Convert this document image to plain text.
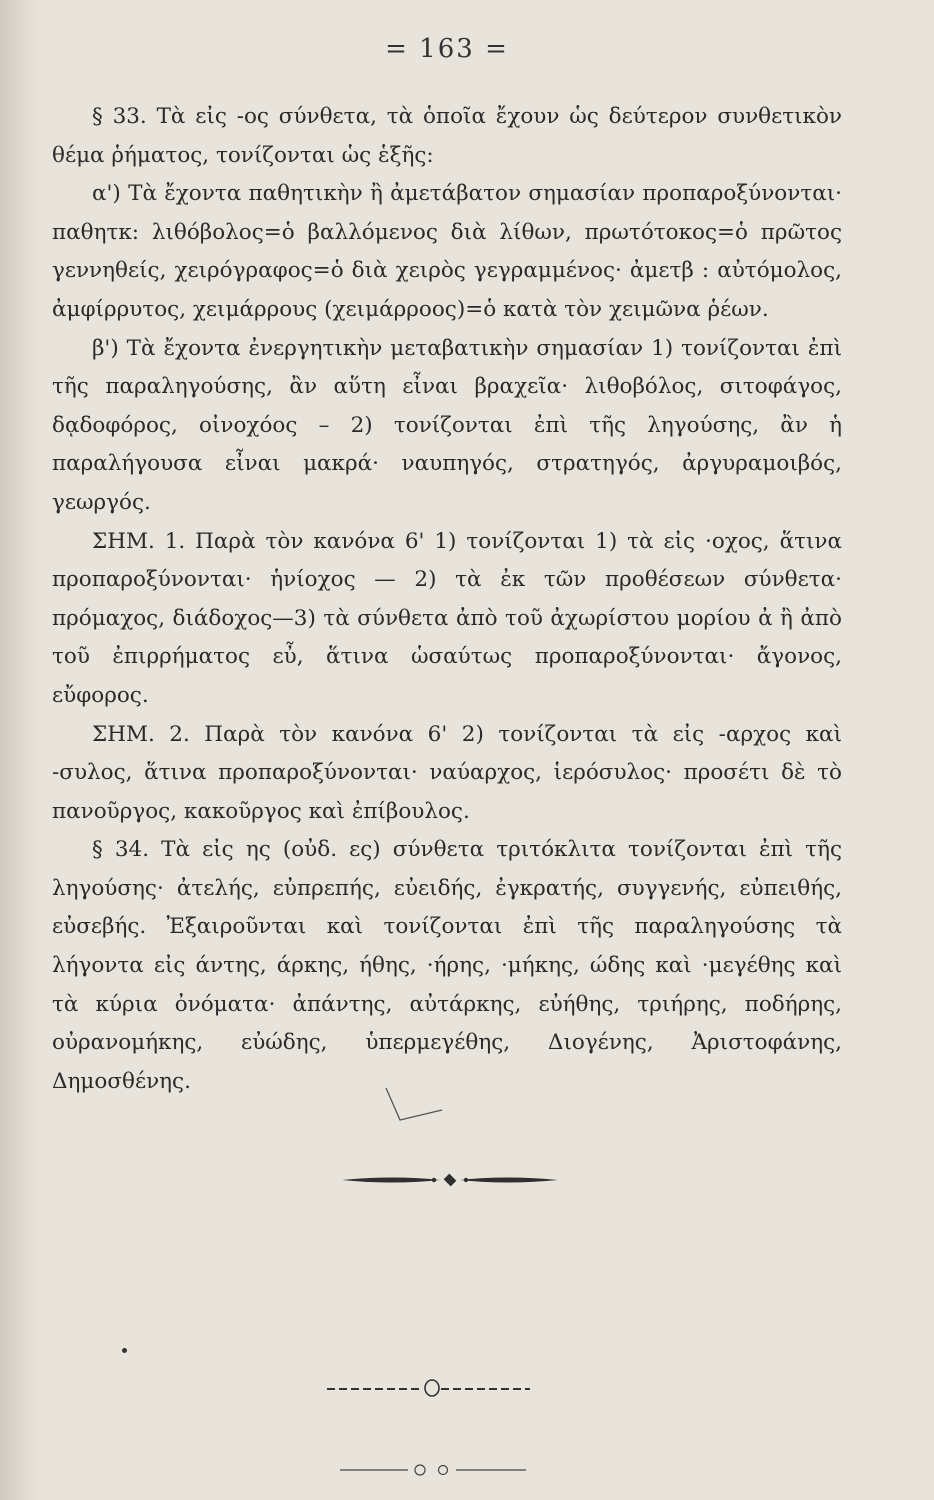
= 163 =

§ 33. Τὰ εἰς -ος σύνθετα, τὰ ὁποῖα ἔχουν ὡς δεύτερον συνθετικὸν θέμα ῥήματος, τονίζονται ὡς ἑξῆς:

α') Τὰ ἔχοντα παθητικὴν ἢ ἀμετάβατον σημασίαν προπαροξύνονται· παθητκ: λιθόβολος=ὁ βαλλόμενος διὰ λίθων, πρωτότοκος=ὁ πρῶτος γεννηθείς, χειρόγραφος=ὁ διὰ χειρὸς γεγραμμένος· ἀμετβ : αὐτόμολος, ἀμφίρρυτος, χειμάρρους (χειμάρροος)=ὁ κατὰ τὸν χειμῶνα ῥέων.

β') Τὰ ἔχοντα ἐνεργητικὴν μεταβατικὴν σημασίαν 1) τονίζονται ἐπὶ τῆς παραληγούσης, ἂν αὕτη εἶναι βραχεῖα· λιθοβόλος, σιτοφάγος, δᾳδοφόρος, οἰνοχόος – 2) τονίζονται ἐπὶ τῆς ληγούσης, ἂν ἡ παραλήγουσα εἶναι μακρά· ναυπηγός, στρατηγός, ἀργυραμοιβός, γεωργός.

ΣΗΜ. 1. Παρὰ τὸν κανόνα 6' 1) τονίζονται 1) τὰ εἰς ·οχος, ἅτινα προπαροξύνονται· ἡνίοχος — 2) τὰ ἐκ τῶν προθέσεων σύνθετα· πρόμαχος, διάδοχος—3) τὰ σύνθετα ἀπὸ τοῦ ἀχωρίστου μορίου ἀ ἢ ἀπὸ τοῦ ἐπιρρήματος εὖ, ἅτινα ὡσαύτως προπαροξύνονται· ἄγονος, εὔφορος.

ΣΗΜ. 2. Παρὰ τὸν κανόνα 6' 2) τονίζονται τὰ εἰς -αρχος καὶ -συλος, ἅτινα προπαροξύνονται· ναύαρχος, ἱερόσυλος· προσέτι δὲ τὸ πανοῦργος, κακοῦργος καὶ ἐπίβουλος.

§ 34. Τὰ εἰς ης (οὐδ. ες) σύνθετα τριτόκλιτα τονίζονται ἐπὶ τῆς ληγούσης· ἀτελής, εὐπρεπής, εὐειδής, ἐγκρατής, συγγενής, εὐπειθής, εὐσεβής. Ἐξαιροῦνται καὶ τονίζονται ἐπὶ τῆς παραληγούσης τὰ λήγοντα εἰς άντης, άρκης, ήθης, ·ήρης, ·μήκης, ώδης καὶ ·μεγέθης καὶ τὰ κύρια ὀνόματα· ἀπάντης, αὐτάρκης, εὐήθης, τριήρης, ποδήρης, οὐρανομήκης, εὐώδης, ὑπερμεγέθης, Διογένης, Ἀριστοφάνης, Δημοσθένης.
